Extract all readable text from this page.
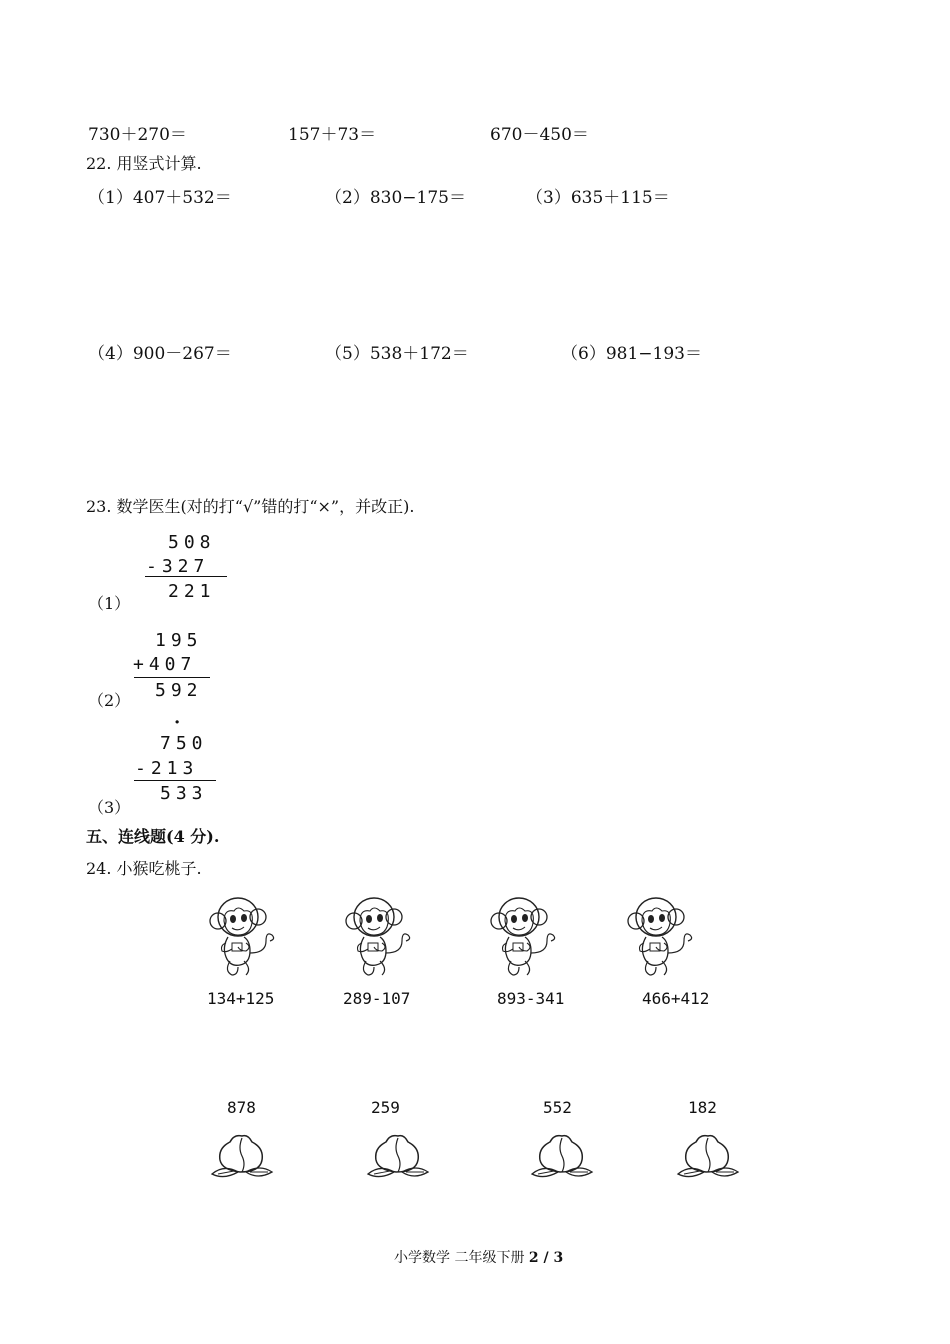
730＋270＝	157＋73＝	670－450＝
22. 用竖式计算.
（1）407＋532＝	（2）830−175＝	（3）635＋115＝
（4）900－267＝	（5）538＋172＝	（6）981−193＝
23. 数学医生(对的打“√”错的打“×”，并改正).
508
-327
221
（1）
195
+407
592
（2）
·
750
-213
533
（3）
五、连线题(4 分).
24. 小猴吃桃子.
134+125	289-107	893-341	466+412
878	259	552	182
小学数学 二年级下册 2 / 3
